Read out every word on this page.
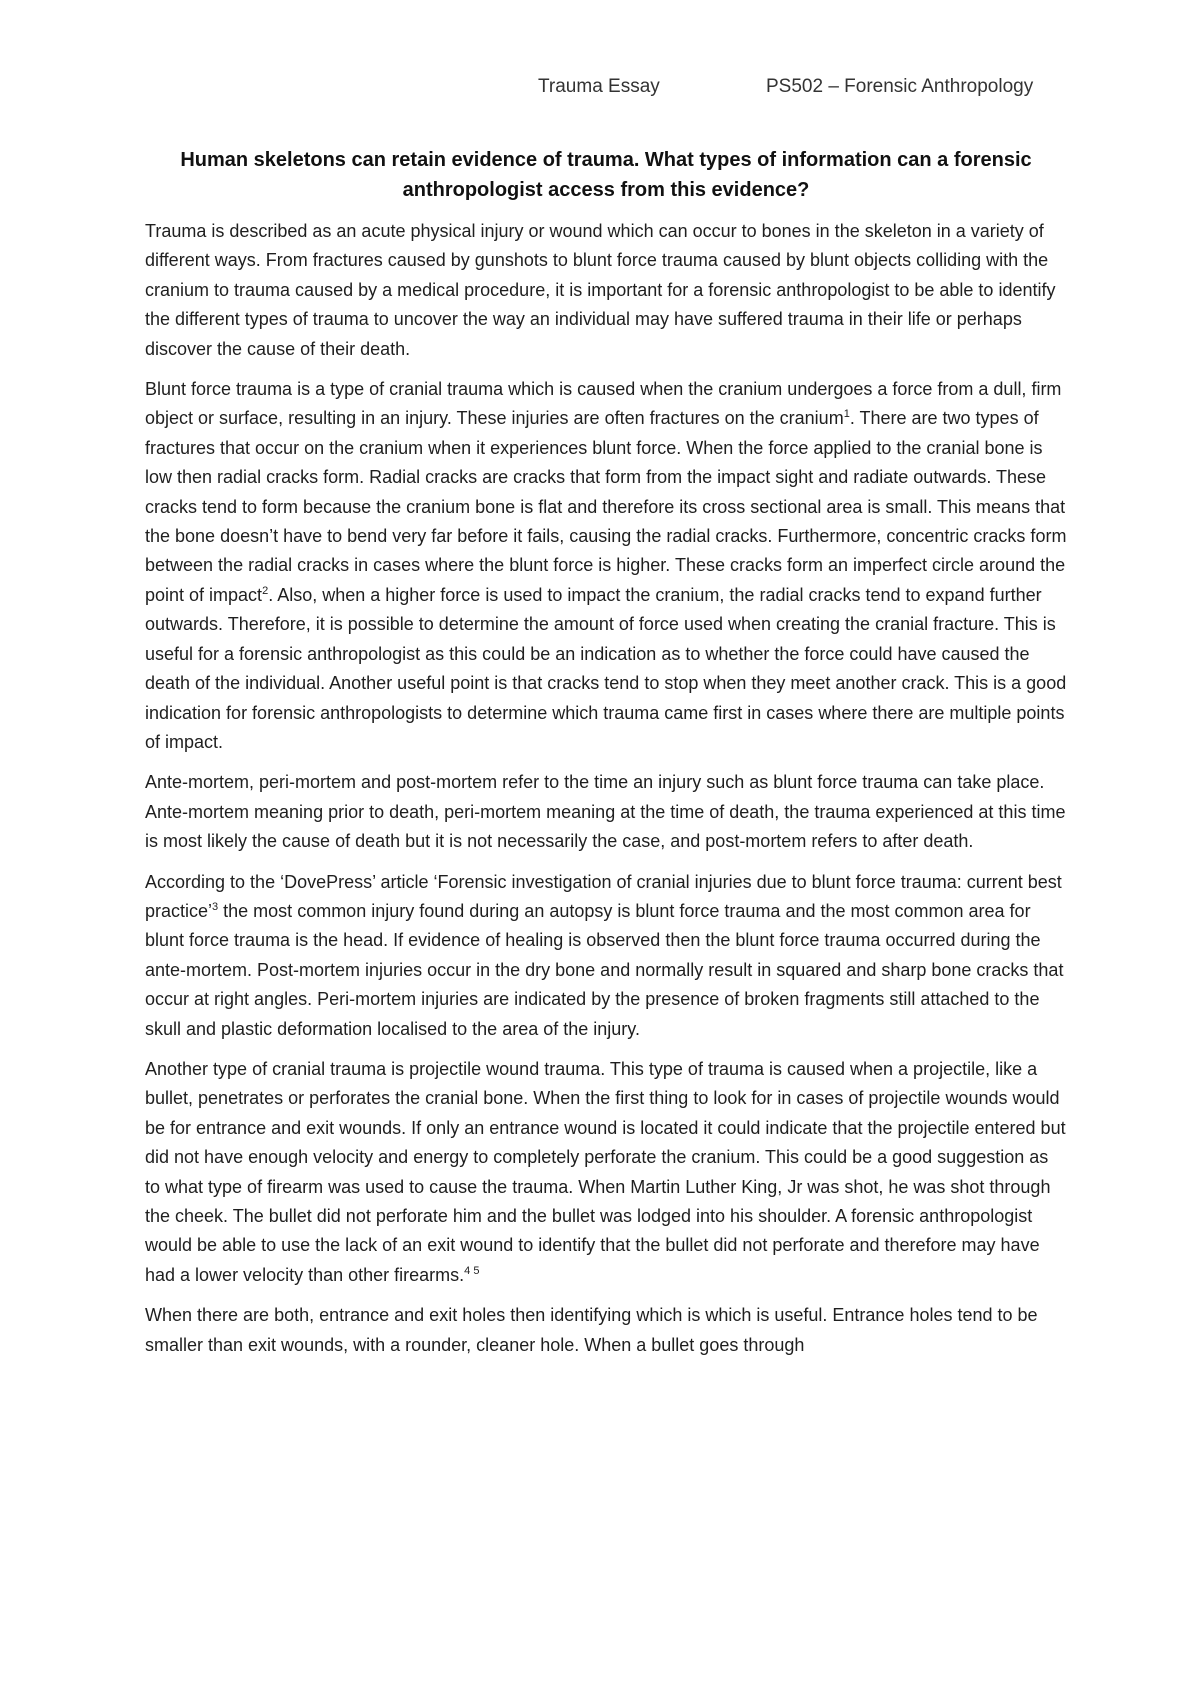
Trauma Essay	PS502 – Forensic Anthropology
Human skeletons can retain evidence of trauma. What types of information can a forensic anthropologist access from this evidence?

Trauma is described as an acute physical injury or wound which can occur to bones in the skeleton in a variety of different ways. From fractures caused by gunshots to blunt force trauma caused by blunt objects colliding with the cranium to trauma caused by a medical procedure, it is important for a forensic anthropologist to be able to identify the different types of trauma to uncover the way an individual may have suffered trauma in their life or perhaps discover the cause of their death.

Blunt force trauma is a type of cranial trauma which is caused when the cranium undergoes a force from a dull, firm object or surface, resulting in an injury. These injuries are often fractures on the cranium$^1$. There are two types of fractures that occur on the cranium when it experiences blunt force. When the force applied to the cranial bone is low then radial cracks form. Radial cracks are cracks that form from the impact sight and radiate outwards. These cracks tend to form because the cranium bone is flat and therefore its cross sectional area is small. This means that the bone doesn’t have to bend very far before it fails, causing the radial cracks. Furthermore, concentric cracks form between the radial cracks in cases where the blunt force is higher. These cracks form an imperfect circle around the point of impact$^2$. Also, when a higher force is used to impact the cranium, the radial cracks tend to expand further outwards. Therefore, it is possible to determine the amount of force used when creating the cranial fracture. This is useful for a forensic anthropologist as this could be an indication as to whether the force could have caused the death of the individual. Another useful point is that cracks tend to stop when they meet another crack. This is a good indication for forensic anthropologists to determine which trauma came first in cases where there are multiple points of impact.

Ante-mortem, peri-mortem and post-mortem refer to the time an injury such as blunt force trauma can take place. Ante-mortem meaning prior to death, peri-mortem meaning at the time of death, the trauma experienced at this time is most likely the cause of death but it is not necessarily the case, and post-mortem refers to after death.

According to the ‘DovePress’ article ‘Forensic investigation of cranial injuries due to blunt force trauma: current best practice’$^3$ the most common injury found during an autopsy is blunt force trauma and the most common area for blunt force trauma is the head. If evidence of healing is observed then the blunt force trauma occurred during the ante-mortem. Post-mortem injuries occur in the dry bone and normally result in squared and sharp bone cracks that occur at right angles. Peri-mortem injuries are indicated by the presence of broken fragments still attached to the skull and plastic deformation localised to the area of the injury.

Another type of cranial trauma is projectile wound trauma. This type of trauma is caused when a projectile, like a bullet, penetrates or perforates the cranial bone. When the first thing to look for in cases of projectile wounds would be for entrance and exit wounds. If only an entrance wound is located it could indicate that the projectile entered but did not have enough velocity and energy to completely perforate the cranium. This could be a good suggestion as to what type of firearm was used to cause the trauma. When Martin Luther King, Jr was shot, he was shot through the cheek. The bullet did not perforate him and the bullet was lodged into his shoulder. A forensic anthropologist would be able to use the lack of an exit wound to identify that the bullet did not perforate and therefore may have had a lower velocity than other firearms.$^{4 5}$

When there are both, entrance and exit holes then identifying which is which is useful. Entrance holes tend to be smaller than exit wounds, with a rounder, cleaner hole. When a bullet goes through
